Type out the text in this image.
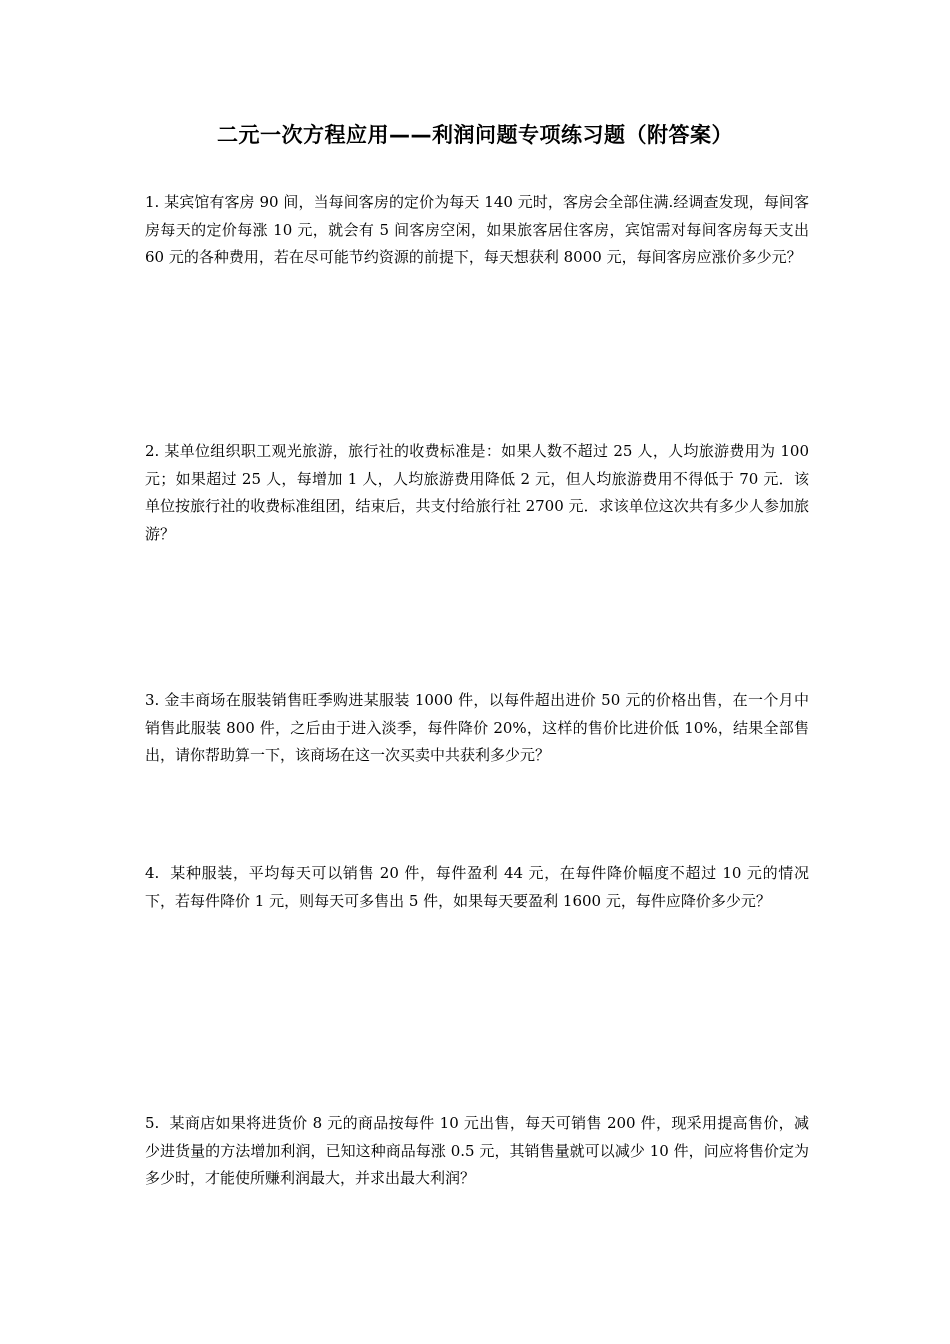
二元一次方程应用——利润问题专项练习题（附答案）

1. 某宾馆有客房 90 间，当每间客房的定价为每天 140 元时，客房会全部住满.经调查发现，每间客房每天的定价每涨 10 元，就会有 5 间客房空闲，如果旅客居住客房，宾馆需对每间客房每天支出 60 元的各种费用，若在尽可能节约资源的前提下，每天想获利 8000 元，每间客房应涨价多少元？

2. 某单位组织职工观光旅游，旅行社的收费标准是：如果人数不超过 25 人，人均旅游费用为 100 元；如果超过 25 人，每增加 1 人，人均旅游费用降低 2 元，但人均旅游费用不得低于 70 元．该单位按旅行社的收费标准组团，结束后，共支付给旅行社 2700 元．求该单位这次共有多少人参加旅游？

3. 金丰商场在服装销售旺季购进某服装 1000 件，以每件超出进价 50 元的价格出售，在一个月中销售此服装 800 件，之后由于进入淡季，每件降价 20%，这样的售价比进价低 10%，结果全部售出，请你帮助算一下，该商场在这一次买卖中共获利多少元？

4. 某种服装，平均每天可以销售 20 件，每件盈利 44 元，在每件降价幅度不超过 10 元的情况下，若每件降价 1 元，则每天可多售出 5 件，如果每天要盈利 1600 元，每件应降价多少元？

5. 某商店如果将进货价 8 元的商品按每件 10 元出售，每天可销售 200 件，现采用提高售价，减少进货量的方法增加利润，已知这种商品每涨 0.5 元，其销售量就可以减少 10 件，问应将售价定为多少时，才能使所赚利润最大，并求出最大利润？
